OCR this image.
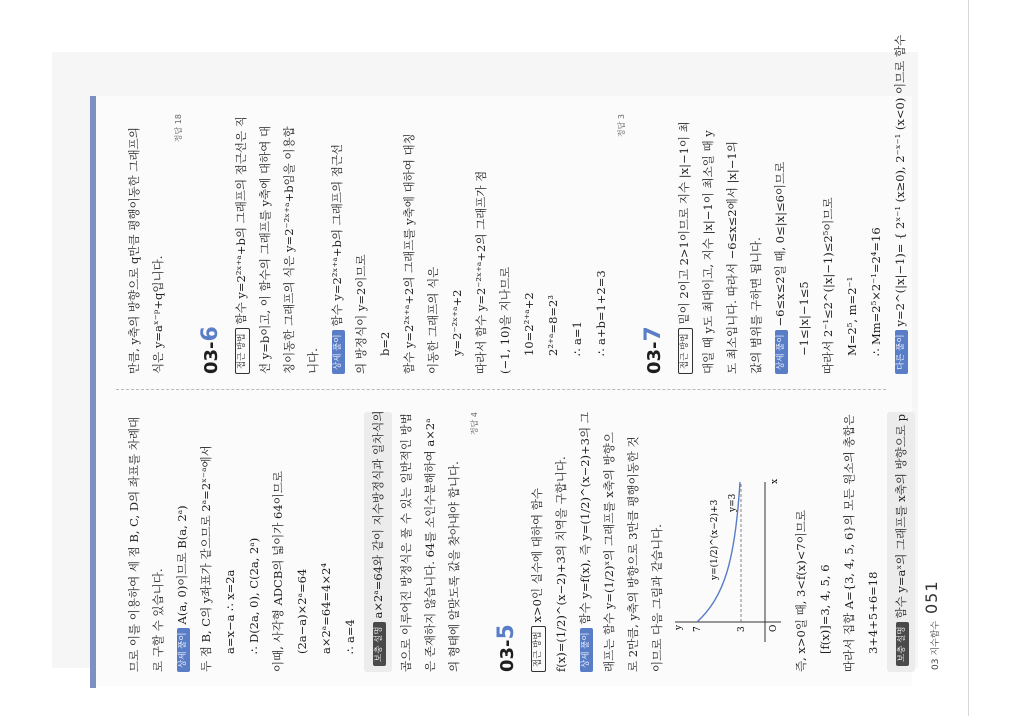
므로 이를 이용하여 세 점 B, C, D의 좌표를 차례대 로 구할 수 있습니다.	상세 풀이A(a, 0)이므로 B(a, 2ᵃ) 두 점 B, C의 y좌표가 같으므로 2ᵃ=2ˣ⁻ᵃ에서 a=x−a ∴ x=2a ∴ D(2a, 0), C(2a, 2ᵃ) 이때, 사각형 ADCB의 넓이가 64이므로 (2a−a)×2ᵃ=64 a×2ᵃ=64=4×2⁴ ∴ a=4	보충 설명a×2ᵃ=64와 같이 지수방정식과 일차식의	곱으로 이루어진 방정식은 풀 수 있는 일반적인 방법 은 존재하지 않습니다. 64를 소인수분해하여 a×2ᵃ 의 형태에 알맞도록 값을 찾아내야 합니다.
정답 4
03-5	접근 방법x>0인 실수에 대하여 함수 f(x)=(1/2)^(x−2)+3의 치역을 구합니다.	상세 풀이함수 y=f(x), 즉 y=(1/2)^(x−2)+3의 그 래프는 함수 y=(1/2)ˣ의 그래프를 x축의 방향으 로 2만큼, y축의 방향으로 3만큼 평행이동한 것 이므로 다음 그림과 같습니다.	y
x
O
7	3
y=(1/2)^(x−2)+3 y=3
즉, x>0일 때, 3<f(x)<7이므로 [f(x)]=3, 4, 5, 6 따라서 집합 A={3, 4, 5, 6}의 모든 원소의 총합은 3+4+5+6=18	보충 설명함수 y=aˣ의 그래프를 x축의 방향으로 p
만큼, y축의 방향으로 q만큼 평행이동한 그래프의 식은 y=aˣ⁻ᵖ+q입니다.
정답 18
03-6	접근 방법함수 y=2²ˣ⁺ᵃ+b의 그래프의 점근선은 직 선 y=b이고, 이 함수의 그래프를 y축에 대하여 대 칭이동한 그래프의 식은 y=2⁻²ˣ⁺ᵃ+b임을 이용합 니다.	상세 풀이함수 y=2²ˣ⁺ᵃ+b의 그래프의 점근선 의 방정식이 y=2이므로 b=2 함수 y=2²ˣ⁺ᵃ+2의 그래프를 y축에 대하여 대칭 이동한 그래프의 식은 y=2⁻²ˣ⁺ᵃ+2 따라서 함수 y=2⁻²ˣ⁺ᵃ+2의 그래프가 점 (−1, 10)을 지나므로 10=2²⁺ᵃ+2 2²⁺ᵃ=8=2³ ∴ a=1 ∴ a+b=1+2=3
정답 3
03-7	접근 방법밑이 2이고 2>1이므로 지수 |x|−1이 최 대일 때 y도 최대이고, 지수 |x|−1이 최소일 때 y 도 최소입니다. 따라서 −6≤x≤2에서 |x|−1의 값의 범위를 구하면 됩니다.	상세 풀이−6≤x≤2일 때, 0≤|x|≤6이므로 −1≤|x|−1≤5 따라서 2⁻¹≤2^(|x|−1)≤2⁵이므로 M=2⁵, m=2⁻¹ ∴ Mm=2⁵×2⁻¹=2⁴=16	다른 풀이y=2^(|x|−1)= { 2ˣ⁻¹ (x≥0), 2⁻ˣ⁻¹ (x<0) 이므로 함수
03 지수함수
051
